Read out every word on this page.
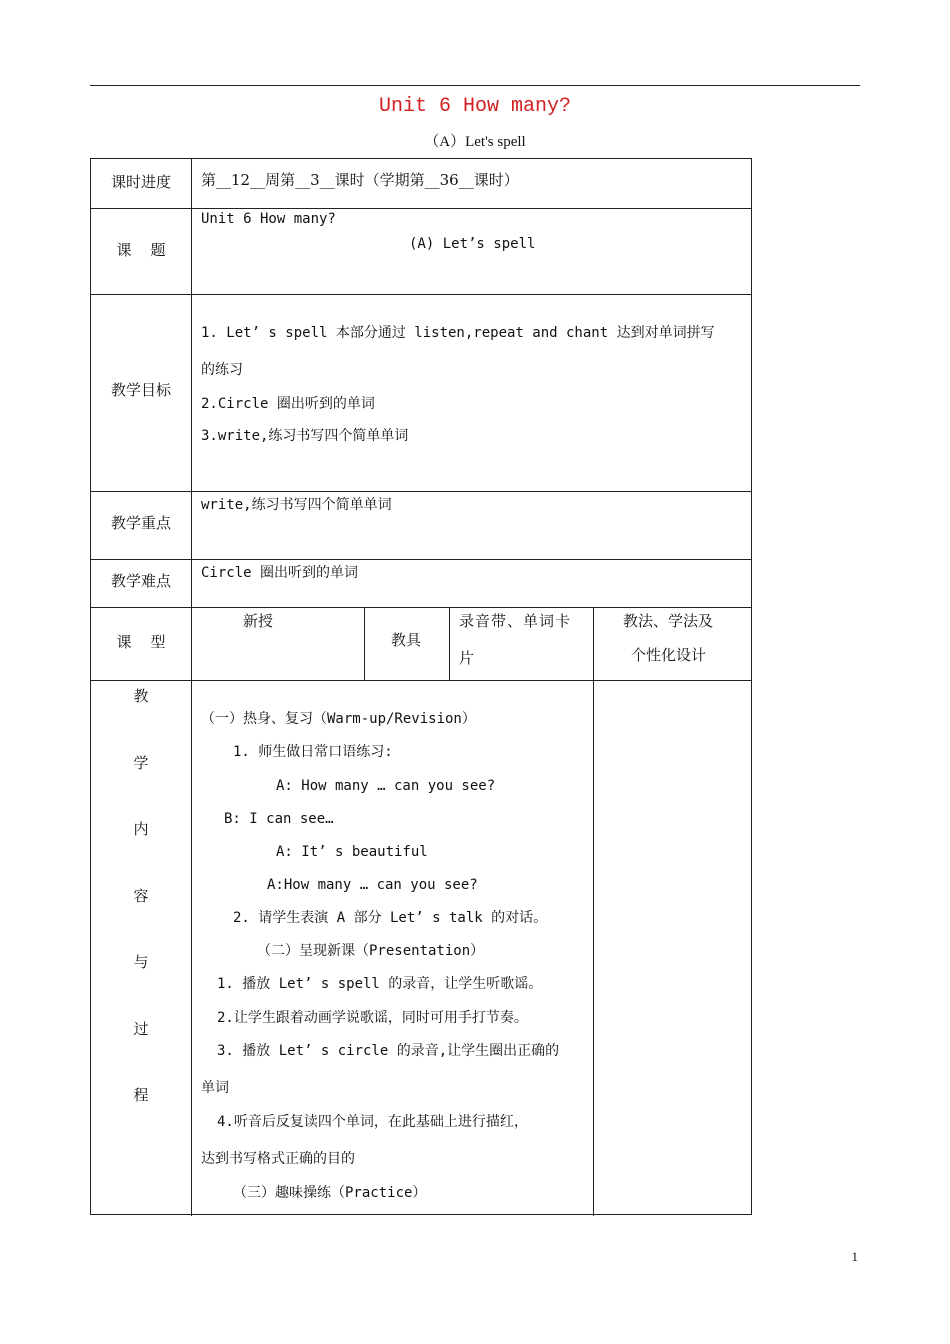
Unit 6 How many?
（A）Let's spell
课时进度	第__12__周第__3__课时（学期第__36__课时）
课    题
Unit 6 How many?
(A) Let’s spell
教学目标
1. Let’ s spell 本部分通过 listen,repeat and chant 达到对单词拼写
的练习
2.Circle 圈出听到的单词
3.write,练习书写四个简单单词
教学重点
write,练习书写四个简单单词
教学难点	Circle 圈出听到的单词
课    型
新授
教具
录音带、单词卡
片
教法、学法及
个性化设计
教
学
内
容
与
过
程
（一）热身、复习（Warm-up/Revision）
1. 师生做日常口语练习:
A: How many … can you see?
B: I can see…
A: It’ s beautiful
A:How many … can you see?
2. 请学生表演 A 部分 Let’ s talk 的对话。
（二）呈现新课（Presentation）
1. 播放 Let’ s spell 的录音，让学生听歌谣。
2.让学生跟着动画学说歌谣，同时可用手打节奏。
3. 播放 Let’ s circle 的录音,让学生圈出正确的
单词
4.听音后反复读四个单词，在此基础上进行描红，
达到书写格式正确的目的
（三）趣味操练（Practice）
1
